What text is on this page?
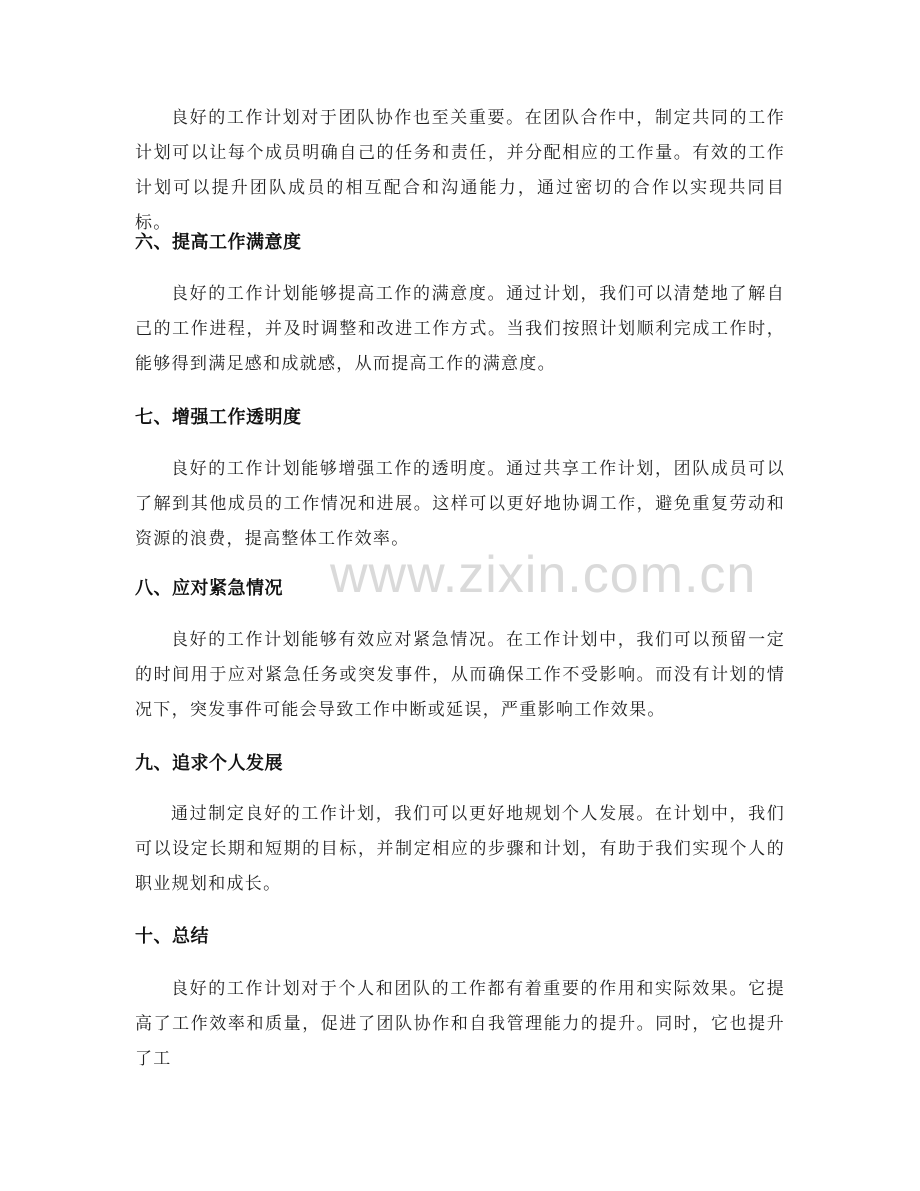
良好的工作计划对于团队协作也至关重要。在团队合作中，制定共同的工作计划可以让每个成员明确自己的任务和责任，并分配相应的工作量。有效的工作计划可以提升团队成员的相互配合和沟通能力，通过密切的合作以实现共同目标。

六、提高工作满意度

良好的工作计划能够提高工作的满意度。通过计划，我们可以清楚地了解自己的工作进程，并及时调整和改进工作方式。当我们按照计划顺利完成工作时，能够得到满足感和成就感，从而提高工作的满意度。

七、增强工作透明度

良好的工作计划能够增强工作的透明度。通过共享工作计划，团队成员可以了解到其他成员的工作情况和进展。这样可以更好地协调工作，避免重复劳动和资源的浪费，提高整体工作效率。

八、应对紧急情况

良好的工作计划能够有效应对紧急情况。在工作计划中，我们可以预留一定的时间用于应对紧急任务或突发事件，从而确保工作不受影响。而没有计划的情况下，突发事件可能会导致工作中断或延误，严重影响工作效果。

九、追求个人发展

通过制定良好的工作计划，我们可以更好地规划个人发展。在计划中，我们可以设定长期和短期的目标，并制定相应的步骤和计划，有助于我们实现个人的职业规划和成长。

十、总结

良好的工作计划对于个人和团队的工作都有着重要的作用和实际效果。它提高了工作效率和质量，促进了团队协作和自我管理能力的提升。同时，它也提升了工

www.zixin.com.cn
